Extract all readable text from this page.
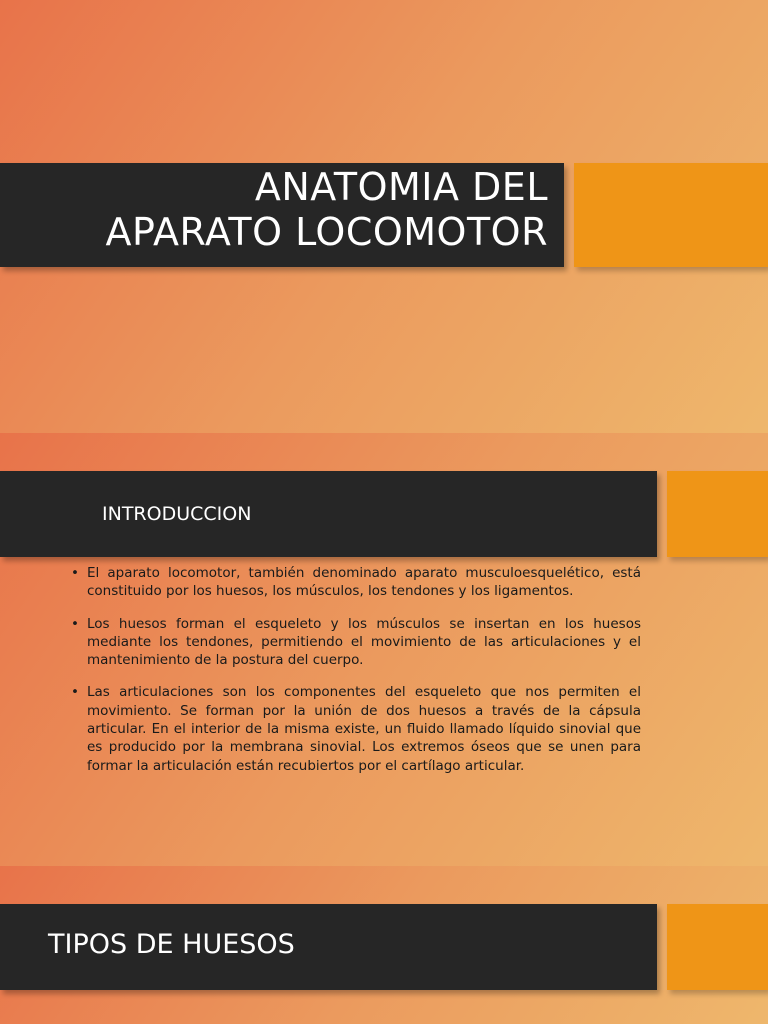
ANATOMIA DEL
APARATO LOCOMOTOR
INTRODUCCION
• El aparato locomotor, también denominado aparato musculoesquelético, está constituido por los huesos, los músculos, los tendones y los ligamentos.
• Los huesos forman el esqueleto y los músculos se insertan en los huesos mediante los tendones, permitiendo el movimiento de las articulaciones y el mantenimiento de la postura del cuerpo.
• Las articulaciones son los componentes del esqueleto que nos permiten el movimiento. Se forman por la unión de dos huesos a través de la cápsula articular. En el interior de la misma existe, un fluido llamado líquido sinovial que es producido por la membrana sinovial. Los extremos óseos que se unen para formar la articulación están recubiertos por el cartílago articular.
TIPOS DE HUESOS
